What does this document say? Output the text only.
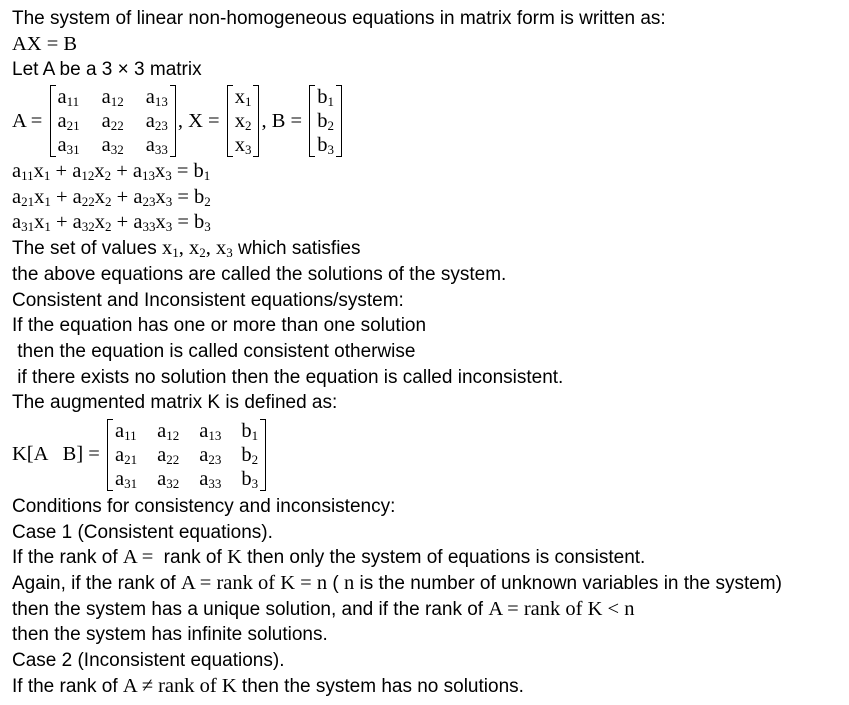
The system of linear non-homogeneous equations in matrix form is written as:
AX = B
Let A be a 3 × 3 matrix
A =
$a_{11}$ $a_{12}$ $a_{13}$
$a_{21}$ $a_{22}$ $a_{23}$
$a_{31}$ $a_{32}$ $a_{33}$
, X =
$x_1$
$x_2$
$x_3$
, B =
$b_1$
$b_2$
$b_3$
$a_{11}x_1 + a_{12}x_2 + a_{13}x_3 = b_1$
$a_{21}x_1 + a_{22}x_2 + a_{23}x_3 = b_2$
$a_{31}x_1 + a_{32}x_2 + a_{33}x_3 = b_3$
The set of values $x_1$, $x_2$, $x_3$ which satisfies
the above equations are called the solutions of the system.
Consistent and Inconsistent equations/system:
If the equation has one or more than one solution
then the equation is called consistent otherwise
if there exists no solution then the equation is called inconsistent.
The augmented matrix K is defined as:
K[A   B] =
$a_{11}$ $a_{12}$ $a_{13}$ $b_1$
$a_{21}$ $a_{22}$ $a_{23}$ $b_2$
$a_{31}$ $a_{32}$ $a_{33}$ $b_3$
Conditions for consistency and inconsistency:
Case 1 (Consistent equations).
If the rank of A =  rank of K then only the system of equations is consistent.
Again, if the rank of A = rank of K = n ( n is the number of unknown variables in the system)
then the system has a unique solution, and if the rank of A = rank of K < n
then the system has infinite solutions.
Case 2 (Inconsistent equations).
If the rank of A ≠ rank of K then the system has no solutions.
